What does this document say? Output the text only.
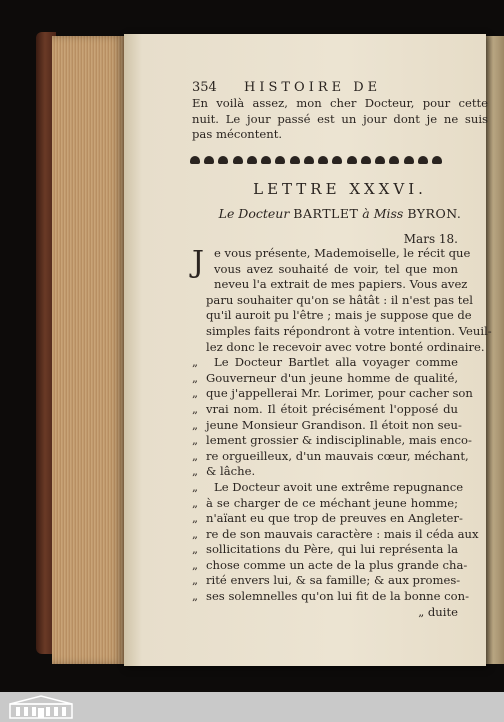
354 HISTOIRE DE
En voilà assez, mon cher Docteur, pour cette
nuit. Le jour passé est un jour dont je ne suis
pas mécontent.
LETTRE XXXVI.
Le Docteur BARTLET à Miss BYRON.
Mars 18.
J e vous présente, Mademoiselle, le récit que
vous avez souhaité de voir, tel que mon
neveu l'a extrait de mes papiers. Vous avez
paru souhaiter qu'on se hâtât : il n'est pas tel
qu'il auroit pu l'être ; mais je suppose que de
simples faits répondront à votre intention. Veuil-
lez donc le recevoir avec votre bonté ordinaire.
„ Le Docteur Bartlet alla voyager comme
„ Gouverneur d'un jeune homme de qualité,
„ que j'appellerai Mr. Lorimer, pour cacher son
„ vrai nom. Il étoit précisément l'opposé du
„ jeune Monsieur Grandison. Il étoit non seu-
„ lement grossier & indisciplinable, mais enco-
„ re orgueilleux, d'un mauvais cœur, méchant,
„ & lâche.
„ Le Docteur avoit une extrême repugnance
„ à se charger de ce méchant jeune homme;
„ n'aïant eu que trop de preuves en Angleter-
„ re de son mauvais caractère : mais il céda aux
„ sollicitations du Père, qui lui représenta la
„ chose comme un acte de la plus grande cha-
„ rité envers lui, & sa famille; & aux promes-
„ ses solemnelles qu'on lui fit de la bonne con-
„ duite
